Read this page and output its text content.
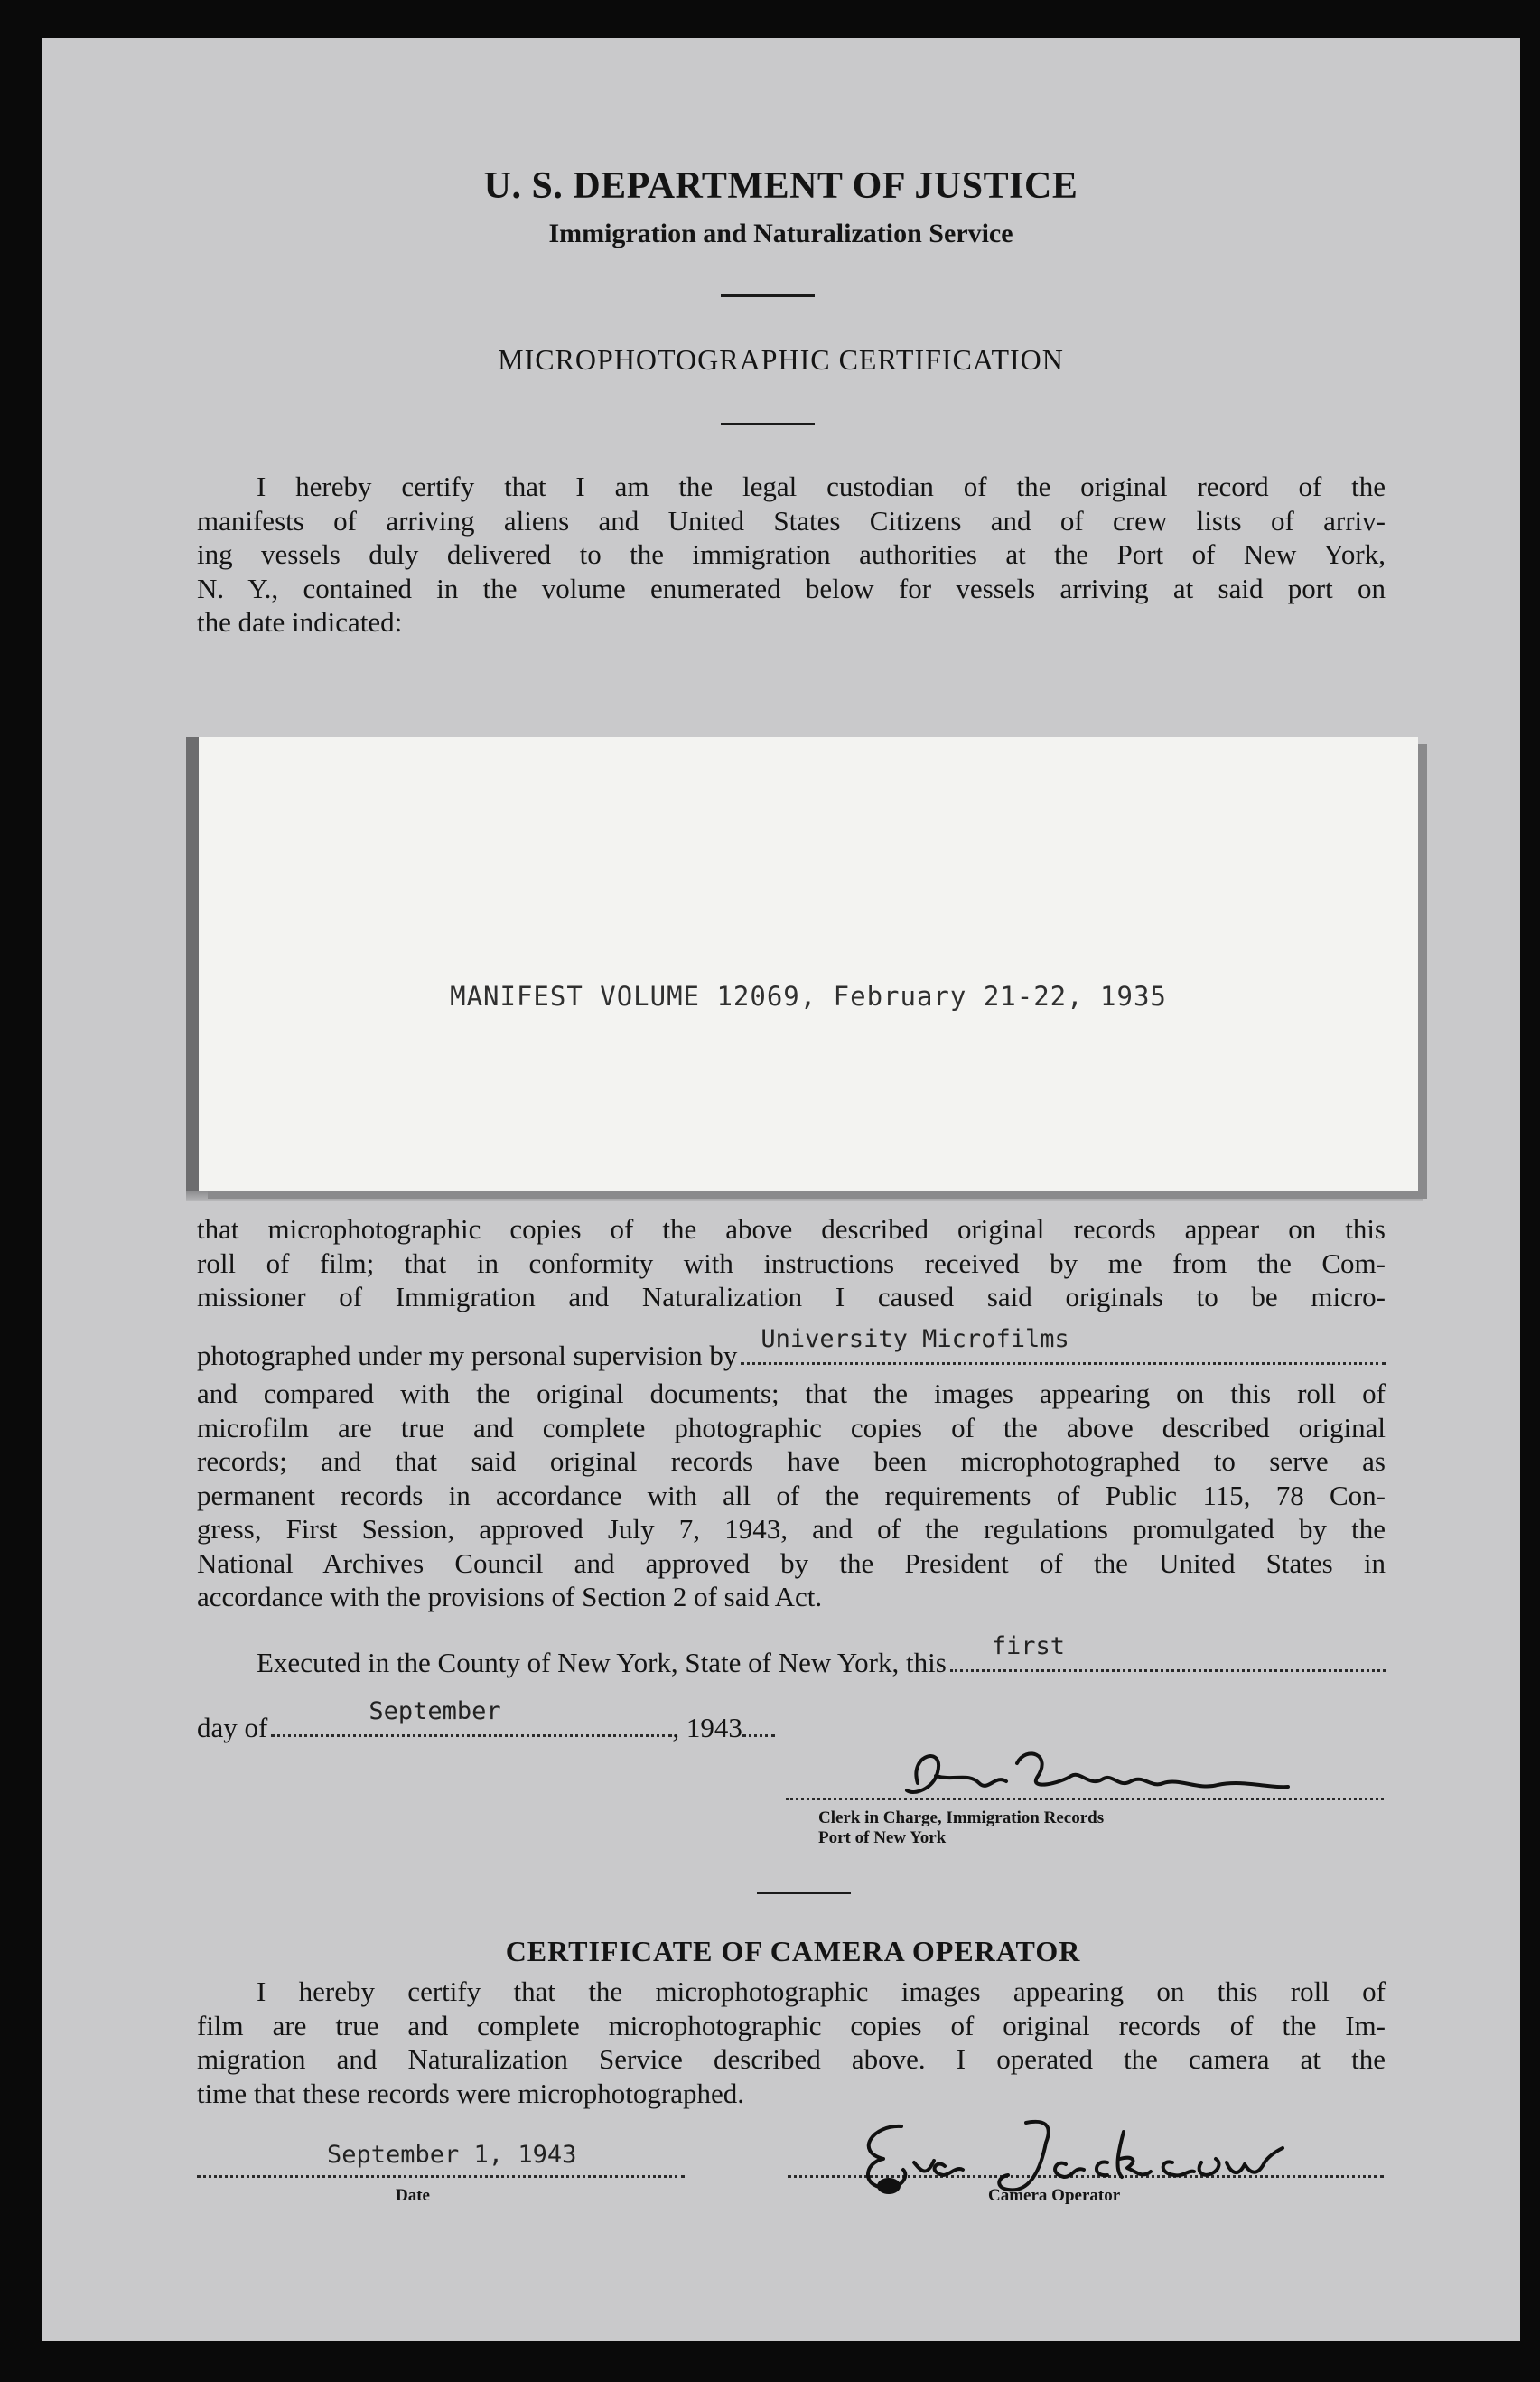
U. S. DEPARTMENT OF JUSTICE
Immigration and Naturalization Service
MICROPHOTOGRAPHIC CERTIFICATION
I hereby certify that I am the legal custodian of the original record of the
manifests of arriving aliens and United States Citizens and of crew lists of arriv-
ing vessels duly delivered to the immigration authorities at the Port of New York,
N. Y., contained in the volume enumerated below for vessels arriving at said port on
the date indicated:
MANIFEST VOLUME 12069, February 21-22, 1935
that microphotographic copies of the above described original records appear on this
roll of film; that in conformity with instructions received by me from the Com-
missioner of Immigration and Naturalization I caused said originals to be micro-
photographed under my personal supervision by
University Microfilms
and compared with the original documents; that the images appearing on this roll of
microfilm are true and complete photographic copies of the above described original
records; and that said original records have been microphotographed to serve as
permanent records in accordance with all of the requirements of Public 115, 78 Con-
gress, First Session, approved July 7, 1943, and of the regulations promulgated by the
National Archives Council and approved by the President of the United States in
accordance with the provisions of Section 2 of said Act.
Executed in the County of New York, State of New York, this
first
day of
September
, 1943
Clerk in Charge, Immigration Records
Port of New York
CERTIFICATE OF CAMERA OPERATOR
I hereby certify that the microphotographic images appearing on this roll of
film are true and complete microphotographic copies of original records of the Im-
migration and Naturalization Service described above. I operated the camera at the
time that these records were microphotographed.
September 1, 1943
Date	Camera Operator
